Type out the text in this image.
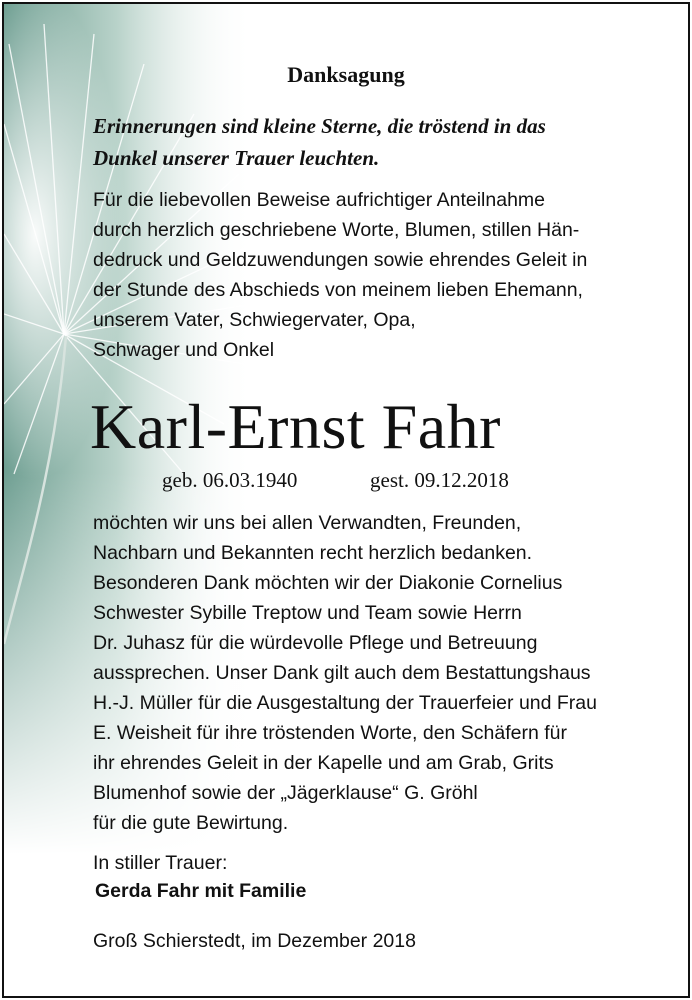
Danksagung
Erinnerungen sind kleine Sterne, die tröstend in das
Dunkel unserer Trauer leuchten.
Für die liebevollen Beweise aufrichtiger Anteilnahme
durch herzlich geschriebene Worte, Blumen, stillen Hän-
dedruck und Geldzuwendungen sowie ehrendes Geleit in
der Stunde des Abschieds von meinem lieben Ehemann,
unserem Vater, Schwiegervater, Opa,
Schwager und Onkel
Karl-Ernst Fahr
geb. 06.03.1940	gest. 09.12.2018
möchten wir uns bei allen Verwandten, Freunden,
Nachbarn und Bekannten recht herzlich bedanken.
Besonderen Dank möchten wir der Diakonie Cornelius
Schwester Sybille Treptow und Team sowie Herrn
Dr. Juhasz für die würdevolle Pflege und Betreuung
aussprechen. Unser Dank gilt auch dem Bestattungshaus
H.-J. Müller für die Ausgestaltung der Trauerfeier und Frau
E. Weisheit für ihre tröstenden Worte, den Schäfern für
ihr ehrendes Geleit in der Kapelle und am Grab, Grits
Blumenhof sowie der „Jägerklause“ G. Gröhl
für die gute Bewirtung.
In stiller Trauer:
Gerda Fahr mit Familie
Groß Schierstedt, im Dezember 2018
